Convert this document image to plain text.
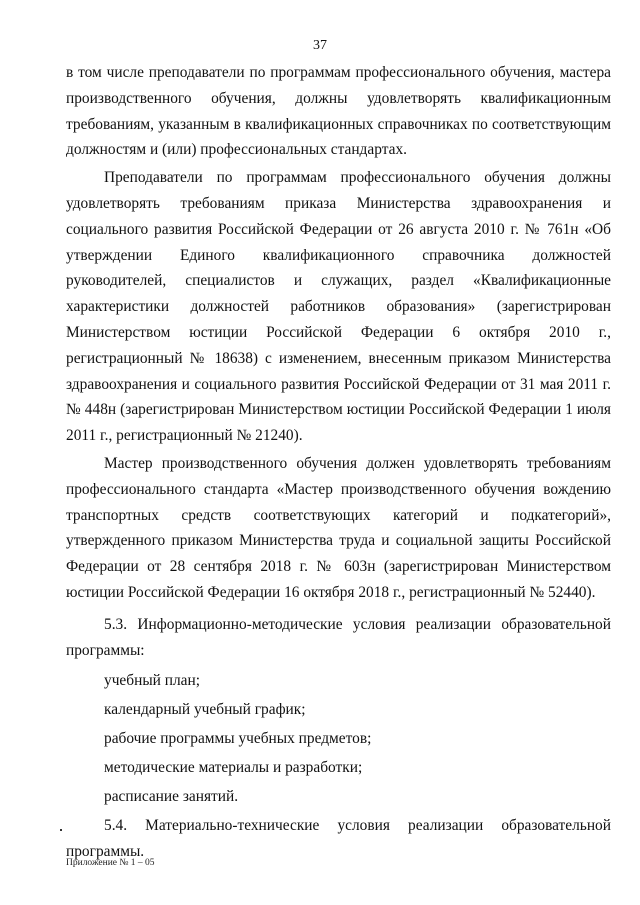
37

в том числе преподаватели по программам профессионального обучения, мастера производственного обучения, должны удовлетворять квалификационным требованиям, указанным в квалификационных справочниках по соответствующим должностям и (или) профессиональных стандартах.

Преподаватели по программам профессионального обучения должны удовлетворять требованиям приказа Министерства здравоохранения и социального развития Российской Федерации от 26 августа 2010 г. № 761н «Об утверждении Единого квалификационного справочника должностей руководителей, специалистов и служащих, раздел «Квалификационные характеристики должностей работников образования» (зарегистрирован Министерством юстиции Российской Федерации 6 октября 2010 г., регистрационный № 18638) с изменением, внесенным приказом Министерства здравоохранения и социального развития Российской Федерации от 31 мая 2011 г. № 448н (зарегистрирован Министерством юстиции Российской Федерации 1 июля 2011 г., регистрационный № 21240).

Мастер производственного обучения должен удовлетворять требованиям профессионального стандарта «Мастер производственного обучения вождению транспортных средств соответствующих категорий и подкатегорий», утвержденного приказом Министерства труда и социальной защиты Российской Федерации от 28 сентября 2018 г. № 603н (зарегистрирован Министерством юстиции Российской Федерации 16 октября 2018 г., регистрационный № 52440).

5.3. Информационно-методические условия реализации образовательной программы:

учебный план;

календарный учебный график;

рабочие программы учебных предметов;

методические материалы и разработки;

расписание занятий.

5.4. Материально-технические условия реализации образовательной программы.

Приложение № 1 – 05
